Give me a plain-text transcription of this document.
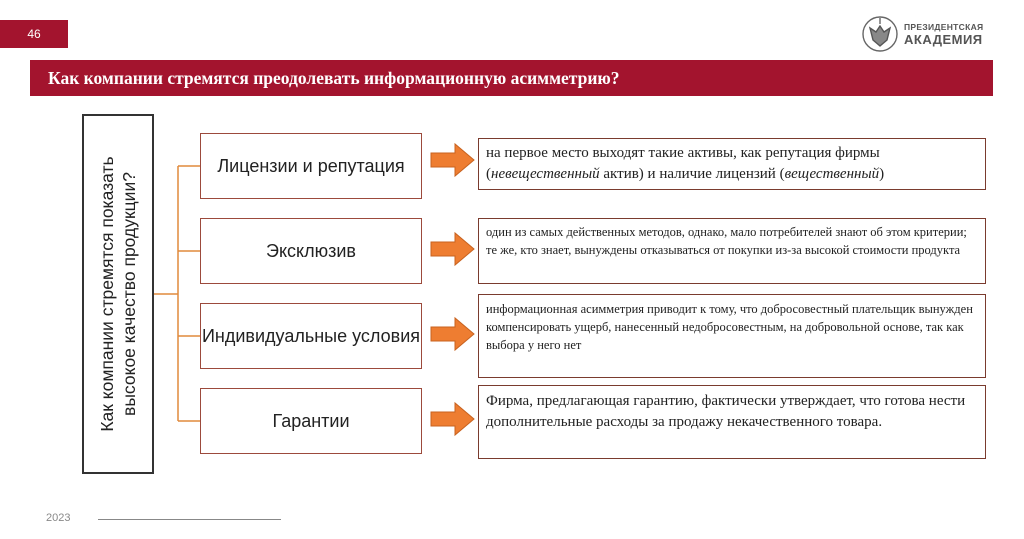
46	ПРЕЗИДЕНТСКАЯ
АКАДЕМИЯ
Как компании стремятся преодолевать информационную асимметрию?
Как компании стремятся показать высокое качество продукции?
Лицензии и репутация
Эксклюзив
Индивидуальные условия
Гарантии
на первое место выходят такие активы, как репутация фирмы (невещественный актив) и наличие лицензий (вещественный)
один из самых действенных методов, однако, мало потребителей знают об этом критерии; те же, кто знает, вынуждены отказываться от покупки из-за высокой стоимости продукта
информационная асимметрия приводит к тому, что добросовестный плательщик вынужден компенсировать ущерб, нанесенный недобросовестным, на добровольной основе, так как выбора у него нет
Фирма, предлагающая гарантию, фактически утверждает, что готова нести дополнительные расходы за продажу некачественного товара.
2023
